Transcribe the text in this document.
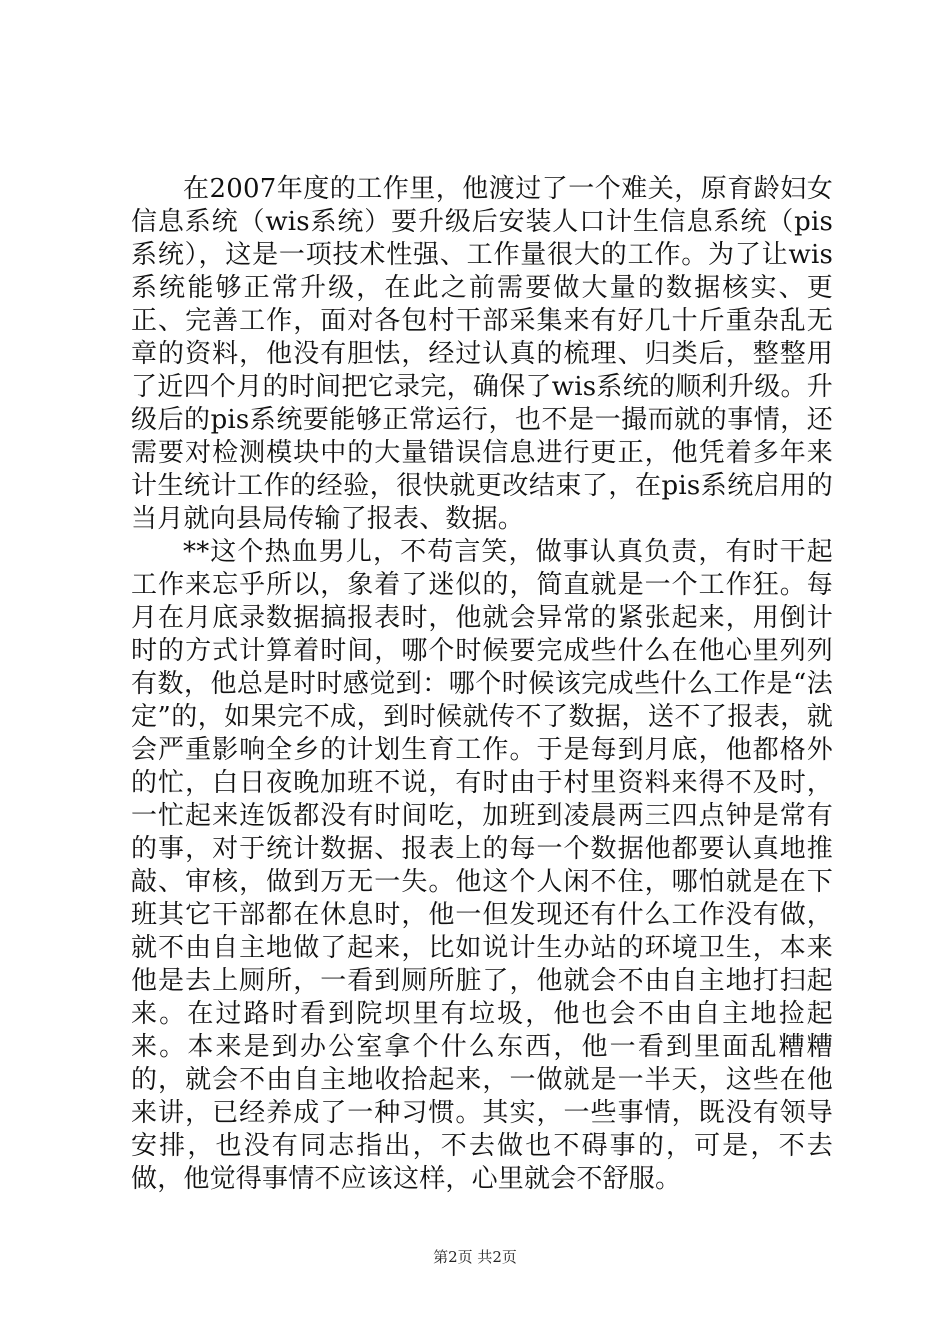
在2007年度的工作里，他渡过了一个难关，原育龄妇女信息系统（wis系统）要升级后安装人口计生信息系统（pis系统），这是一项技术性强、工作量很大的工作。为了让wis系统能够正常升级，在此之前需要做大量的数据核实、更正、完善工作，面对各包村干部采集来有好几十斤重杂乱无章的资料，他没有胆怯，经过认真的梳理、归类后，整整用了近四个月的时间把它录完，确保了wis系统的顺利升级。升级后的pis系统要能够正常运行，也不是一撮而就的事情，还需要对检测模块中的大量错误信息进行更正，他凭着多年来计生统计工作的经验，很快就更改结束了，在pis系统启用的当月就向县局传输了报表、数据。

**这个热血男儿，不苟言笑，做事认真负责，有时干起工作来忘乎所以，象着了迷似的，简直就是一个工作狂。每月在月底录数据搞报表时，他就会异常的紧张起来，用倒计时的方式计算着时间，哪个时候要完成些什么在他心里列列有数，他总是时时感觉到：哪个时候该完成些什么工作是“法定”的，如果完不成，到时候就传不了数据，送不了报表，就会严重影响全乡的计划生育工作。于是每到月底，他都格外的忙，白日夜晚加班不说，有时由于村里资料来得不及时，一忙起来连饭都没有时间吃，加班到凌晨两三四点钟是常有的事，对于统计数据、报表上的每一个数据他都要认真地推敲、审核，做到万无一失。他这个人闲不住，哪怕就是在下班其它干部都在休息时，他一但发现还有什么工作没有做，就不由自主地做了起来，比如说计生办站的环境卫生，本来他是去上厕所，一看到厕所脏了，他就会不由自主地打扫起来。在过路时看到院坝里有垃圾，他也会不由自主地捡起来。本来是到办公室拿个什么东西，他一看到里面乱糟糟的，就会不由自主地收拾起来，一做就是一半天，这些在他来讲，已经养成了一种习惯。其实，一些事情，既没有领导安排，也没有同志指出，不去做也不碍事的，可是，不去做，他觉得事情不应该这样，心里就会不舒服。

第2页 共2页
